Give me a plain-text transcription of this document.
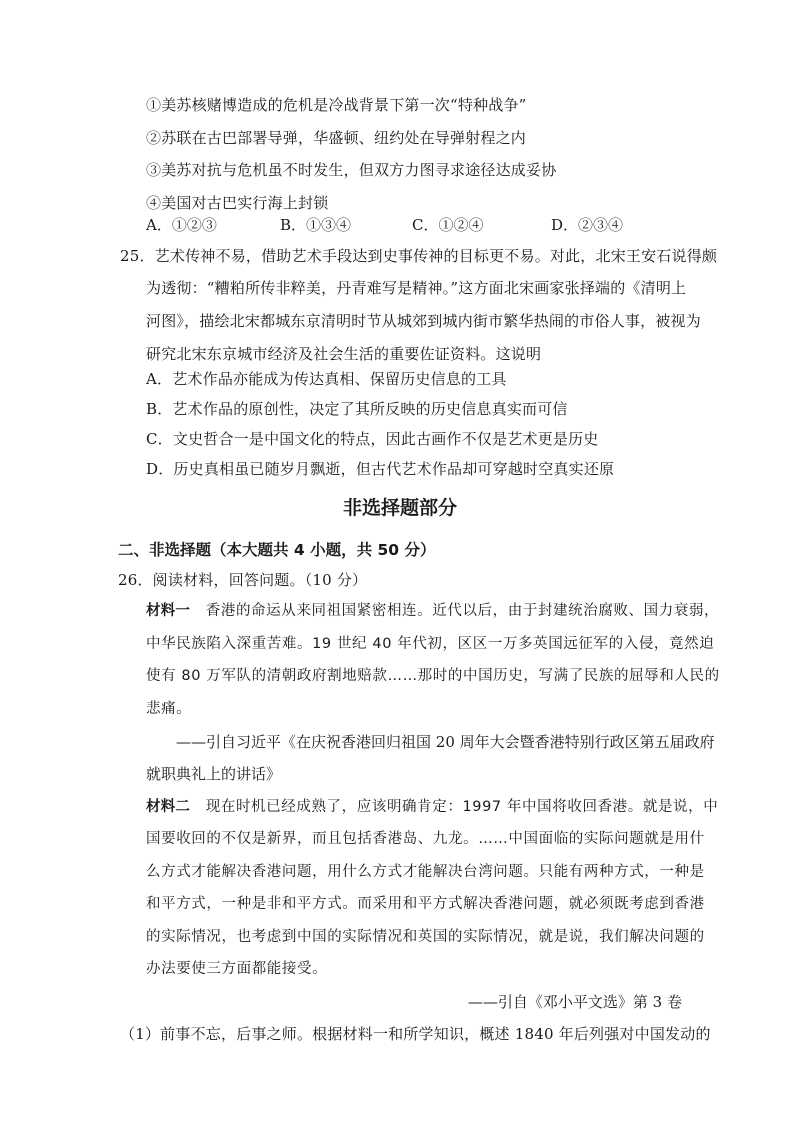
①美苏核赌博造成的危机是冷战背景下第一次“特种战争”
②苏联在古巴部署导弹，华盛顿、纽约处在导弹射程之内
③美苏对抗与危机虽不时发生，但双方力图寻求途径达成妥协
④美国对古巴实行海上封锁
A．①②③	B．①③④	C．①②④	D．②③④
25．艺术传神不易，借助艺术手段达到史事传神的目标更不易。对此，北宋王安石说得颇
为透彻：“糟粕所传非粹美，丹青难写是精神。”这方面北宋画家张择端的《清明上
河图》，描绘北宋都城东京清明时节从城郊到城内街市繁华热闹的市俗人事，被视为
研究北宋东京城市经济及社会生活的重要佐证资料。这说明
A．艺术作品亦能成为传达真相、保留历史信息的工具
B．艺术作品的原创性，决定了其所反映的历史信息真实而可信
C．文史哲合一是中国文化的特点，因此古画作不仅是艺术更是历史
D．历史真相虽已随岁月飘逝，但古代艺术作品却可穿越时空真实还原
非选择题部分
二、非选择题（本大题共 4 小题，共 50 分）
26．阅读材料，回答问题。（10 分）
材料一 香港的命运从来同祖国紧密相连。近代以后，由于封建统治腐败、国力衰弱，
中华民族陷入深重苦难。19 世纪 40 年代初，区区一万多英国远征军的入侵，竟然迫
使有 80 万军队的清朝政府割地赔款……那时的中国历史，写满了民族的屈辱和人民的
悲痛。
——引自习近平《在庆祝香港回归祖国 20 周年大会暨香港特别行政区第五届政府
就职典礼上的讲话》
材料二 现在时机已经成熟了，应该明确肯定：1997 年中国将收回香港。就是说，中
国要收回的不仅是新界，而且包括香港岛、九龙。……中国面临的实际问题就是用什
么方式才能解决香港问题，用什么方式才能解决台湾问题。只能有两种方式，一种是
和平方式，一种是非和平方式。而采用和平方式解决香港问题，就必须既考虑到香港
的实际情况，也考虑到中国的实际情况和英国的实际情况，就是说，我们解决问题的
办法要使三方面都能接受。
——引自《邓小平文选》第 3 卷
（1）前事不忘，后事之师。根据材料一和所学知识，概述 1840 年后列强对中国发动的
